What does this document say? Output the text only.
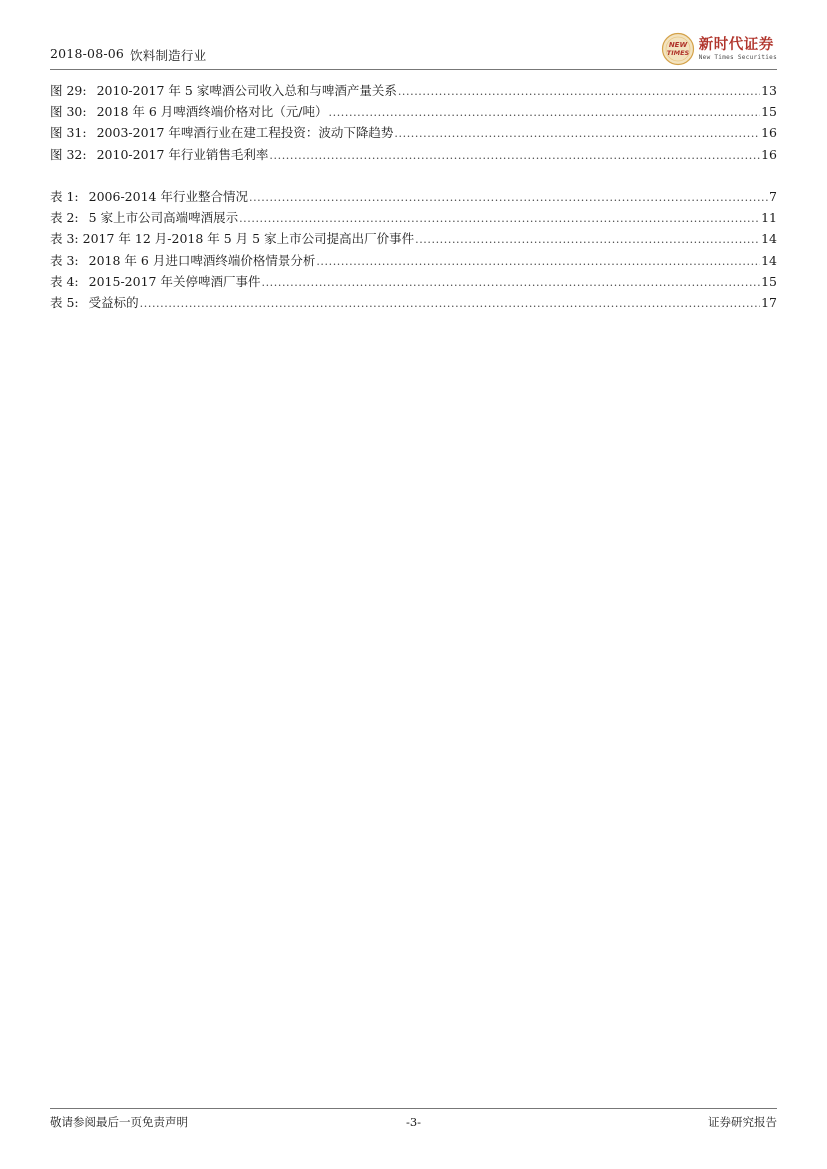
2018-08-06 饮料制造行业
NEW
TIMES
新时代证券
New Times Securities
图 29: 2010-2017 年 5 家啤酒公司收入总和与啤酒产量关系 .....	13
图 30: 2018 年 6 月啤酒终端价格对比（元/吨） .....	15
图 31: 2003-2017 年啤酒行业在建工程投资：波动下降趋势 .....	16
图 32: 2010-2017 年行业销售毛利率 .....	16
表 1: 2006-2014 年行业整合情况 .....	7
表 2: 5 家上市公司高端啤酒展示 .....	11
表 3: 2017 年 12 月-2018 年 5 月 5 家上市公司提高出厂价事件 .....	14
表 3: 2018 年 6 月进口啤酒终端价格情景分析 .....	14
表 4: 2015-2017 年关停啤酒厂事件 .....	15
表 5: 受益标的 .....	17
敬请参阅最后一页免责声明	-3-	证券研究报告
